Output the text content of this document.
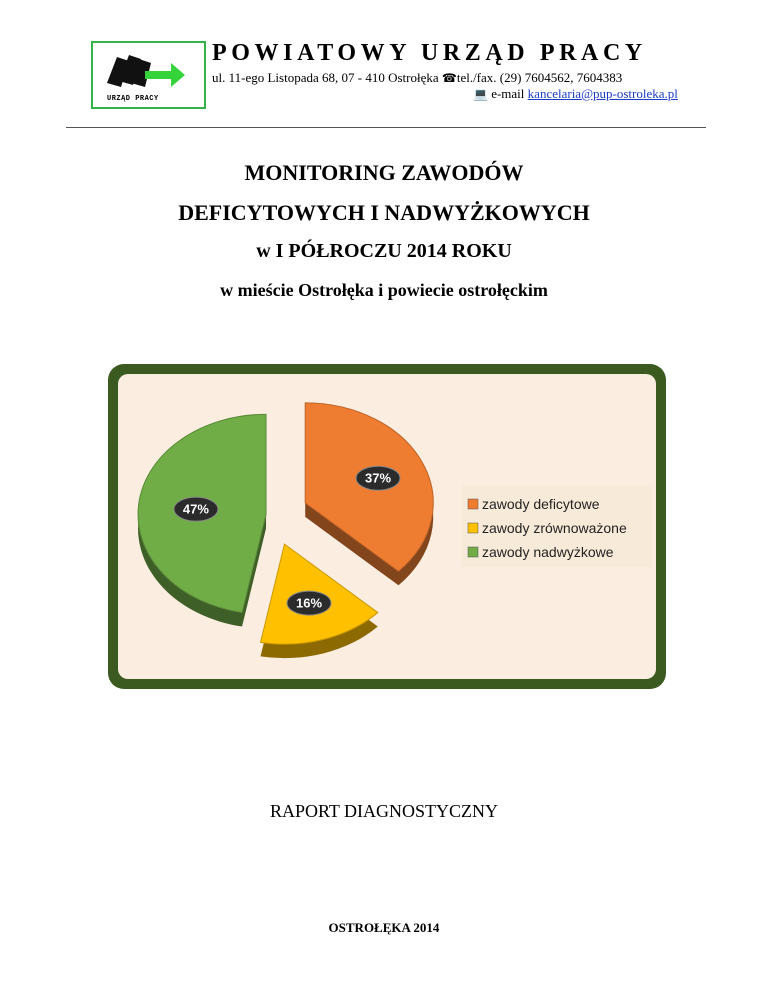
URZĄD PRACY
POWIATOWY URZĄD PRACY
ul. 11-ego Listopada 68, 07 - 410 Ostrołęka ☎tel./fax. (29) 7604562, 7604383
💻 e-mail kancelaria@pup-ostroleka.pl
MONITORING ZAWODÓW
DEFICYTOWYCH I NADWYŻKOWYCH
w I PÓŁROCZU 2014 ROKU
w mieście Ostrołęka i powiecie ostrołęckim
37%
16%
47%	zawody deficytowe
zawody zrównoważone
zawody nadwyżkowe
RAPORT DIAGNOSTYCZNY
OSTROŁĘKA 2014
